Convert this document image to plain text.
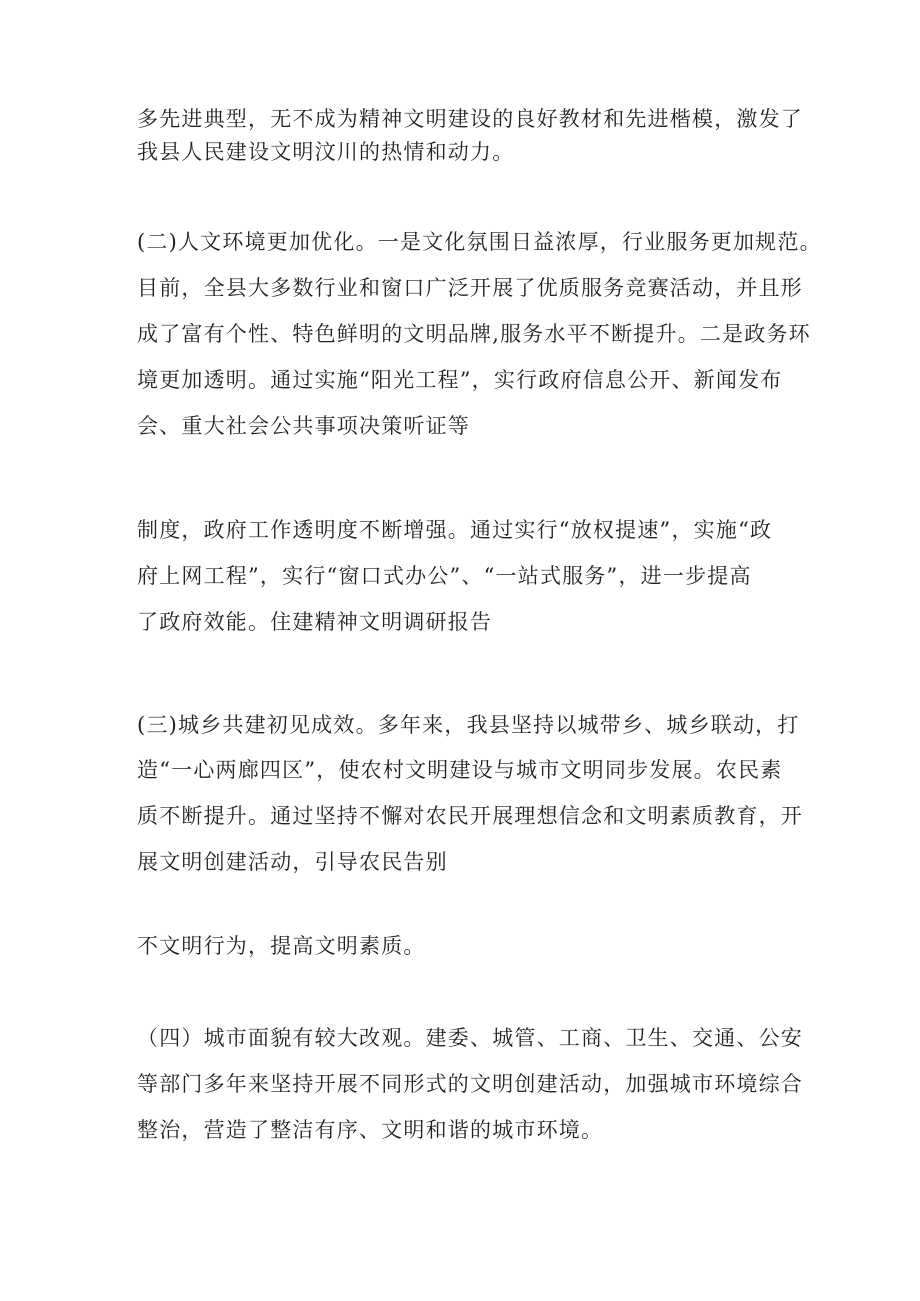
多先进典型，无不成为精神文明建设的良好教材和先进楷模，激发了
我县人民建设文明汶川的热情和动力。
(二)人文环境更加优化。一是文化氛围日益浓厚，行业服务更加规范。
目前，全县大多数行业和窗口广泛开展了优质服务竞赛活动，并且形
成了富有个性、特色鲜明的文明品牌,服务水平不断提升。二是政务环
境更加透明。通过实施“阳光工程”，实行政府信息公开、新闻发布
会、重大社会公共事项决策听证等
制度，政府工作透明度不断增强。通过实行“放权提速”，实施“政
府上网工程”，实行“窗口式办公”、“一站式服务”，进一步提高
了政府效能。住建精神文明调研报告
(三)城乡共建初见成效。多年来，我县坚持以城带乡、城乡联动，打
造“一心两廊四区”，使农村文明建设与城市文明同步发展。农民素
质不断提升。通过坚持不懈对农民开展理想信念和文明素质教育，开
展文明创建活动，引导农民告别
不文明行为，提高文明素质。
（四）城市面貌有较大改观。建委、城管、工商、卫生、交通、公安
等部门多年来坚持开展不同形式的文明创建活动，加强城市环境综合
整治，营造了整洁有序、文明和谐的城市环境。
